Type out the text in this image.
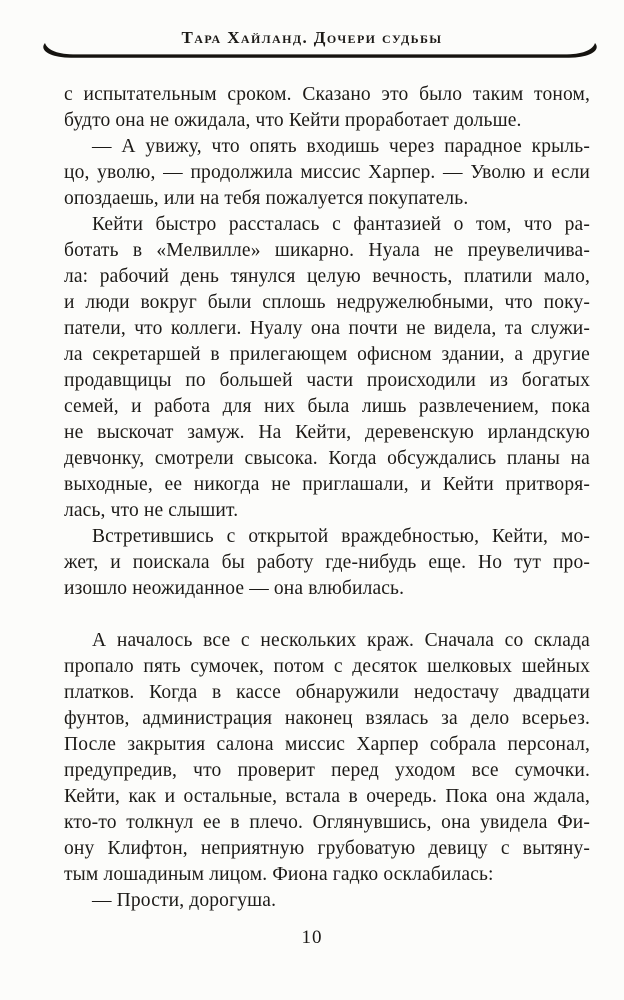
Тара Хайланд. Дочери судьбы
с испытательным сроком. Сказано это было таким тоном,
будто она не ожидала, что Кейти проработает дольше.
— А увижу, что опять входишь через парадное крыль-
цо, уволю, — продолжила миссис Харпер. — Уволю и если
опоздаешь, или на тебя пожалуется покупатель.
Кейти быстро рассталась с фантазией о том, что ра-
ботать в «Мелвилле» шикарно. Нуала не преувеличива-
ла: рабочий день тянулся целую вечность, платили мало,
и люди вокруг были сплошь недружелюбными, что поку-
патели, что коллеги. Нуалу она почти не видела, та служи-
ла секретаршей в прилегающем офисном здании, а другие
продавщицы по большей части происходили из богатых
семей, и работа для них была лишь развлечением, пока
не выскочат замуж. На Кейти, деревенскую ирландскую
девчонку, смотрели свысока. Когда обсуждались планы на
выходные, ее никогда не приглашали, и Кейти притворя-
лась, что не слышит.
Встретившись с открытой враждебностью, Кейти, мо-
жет, и поискала бы работу где-нибудь еще. Но тут про-
изошло неожиданное — она влюбилась.
А началось все с нескольких краж. Сначала со склада
пропало пять сумочек, потом с десяток шелковых шейных
платков. Когда в кассе обнаружили недостачу двадцати
фунтов, администрация наконец взялась за дело всерьез.
После закрытия салона миссис Харпер собрала персонал,
предупредив, что проверит перед уходом все сумочки.
Кейти, как и остальные, встала в очередь. Пока она ждала,
кто-то толкнул ее в плечо. Оглянувшись, она увидела Фи-
ону Клифтон, неприятную грубоватую девицу с вытяну-
тым лошадиным лицом. Фиона гадко осклабилась:
— Прости, дорогуша.
10
